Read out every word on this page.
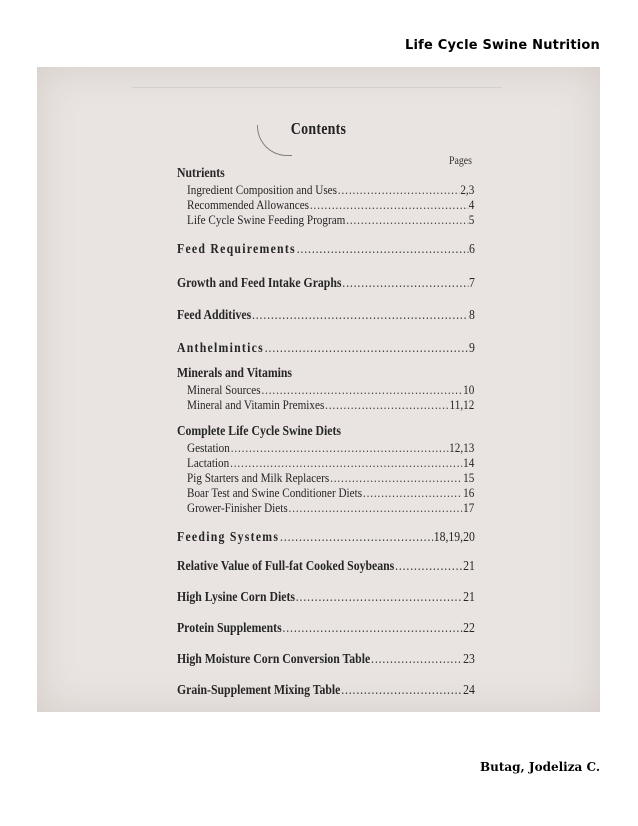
Life Cycle Swine Nutrition
Contents
Pages
Nutrients
Ingredient Composition and Uses .....	2,3
Recommended Allowances .....	4
Life Cycle Swine Feeding Program .....	5
Feed Requirements .....	6
Growth and Feed Intake Graphs .....	7
Feed Additives .....	8
Anthelmintics .....	9
Minerals and Vitamins
Mineral Sources .....	10
Mineral and Vitamin Premixes .....	11,12
Complete Life Cycle Swine Diets
Gestation .....	12,13
Lactation .....	14
Pig Starters and Milk Replacers .....	15
Boar Test and Swine Conditioner Diets .....	16
Grower-Finisher Diets .....	17
Feeding Systems .....	18,19,20
Relative Value of Full-fat Cooked Soybeans .....	21
High Lysine Corn Diets .....	21
Protein Supplements .....	22
High Moisture Corn Conversion Table .....	23
Grain-Supplement Mixing Table .....	24
Butag, Jodeliza C.
